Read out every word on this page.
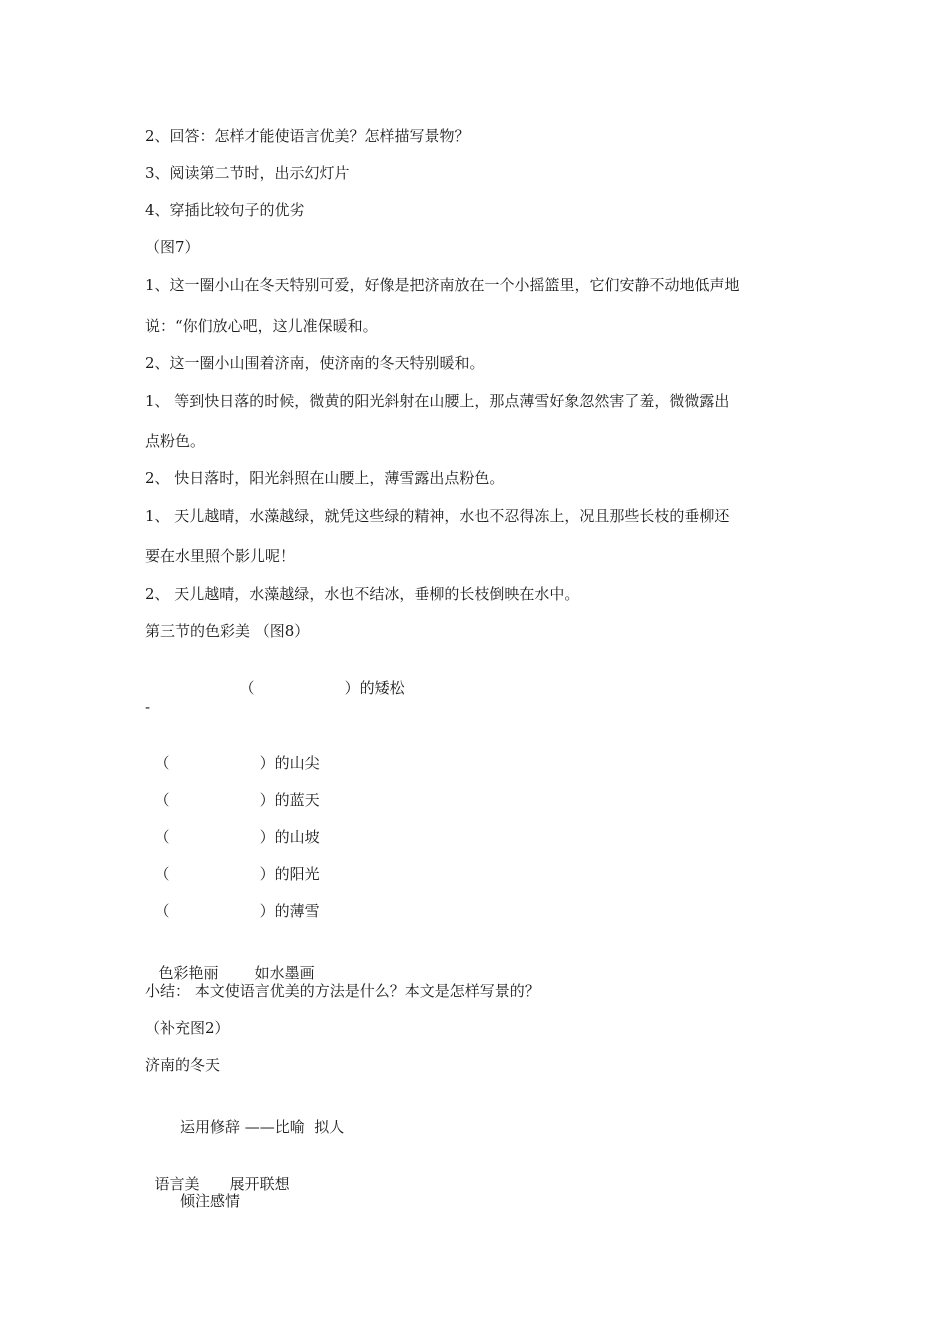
2、回答：怎样才能使语言优美？怎样描写景物？
3、阅读第二节时，出示幻灯片
4、穿插比较句子的优劣
（图7）
1、这一圈小山在冬天特别可爱，好像是把济南放在一个小摇篮里，它们安静不动地低声地
说：“你们放心吧，这儿准保暖和。
2、这一圈小山围着济南，使济南的冬天特别暖和。
1、 等到快日落的时候，微黄的阳光斜射在山腰上，那点薄雪好象忽然害了羞，微微露出
点粉色。
2、 快日落时，阳光斜照在山腰上，薄雪露出点粉色。
1、 天儿越晴，水藻越绿，就凭这些绿的精神，水也不忍得冻上，况且那些长枝的垂柳还
要在水里照个影儿呢！
2、 天儿越晴，水藻越绿，水也不结冰，垂柳的长枝倒映在水中。
第三节的色彩美 （图8）

（	）的矮松

-

（	）的山尖

（	）的蓝天

（	）的山坡

（	）的阳光

（	）的薄雪

色彩艳丽 如水墨画

小结： 本文使语言优美的方法是什么？本文是怎样写景的？
（补充图2）
济南的冬天
运用修辞 ——比喻  拟人

语言美 展开联想

倾注感情
